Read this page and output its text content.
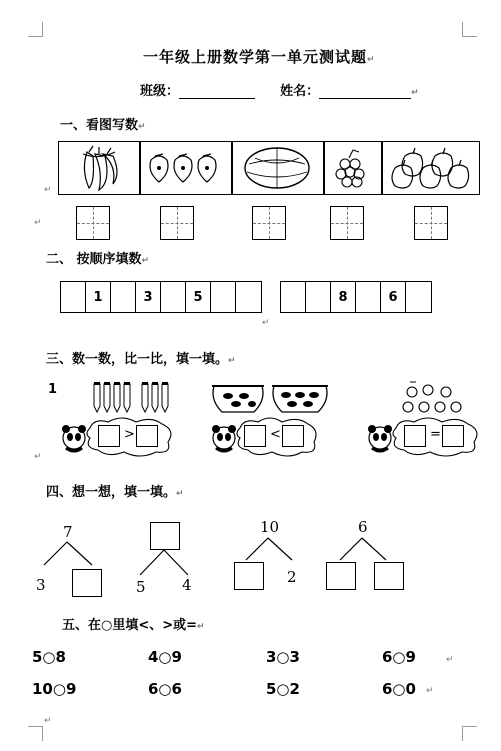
一年级上册数学第一单元测试题↵
班级：	姓名：	↵
一、看图写数↵
↵
↵
二、 按顺序填数↵
1	3	5	8	6
↵
三、数一数，比一比，填一填。↵
1
>	<	=
↵
四、想一想，填一填。↵
7
3	5 4
10
2
6
五、在○里填<、>或=↵
5○8	4○9	3○3	6○9	↵
10○9	6○6	5○2	6○0 ↵
↵
